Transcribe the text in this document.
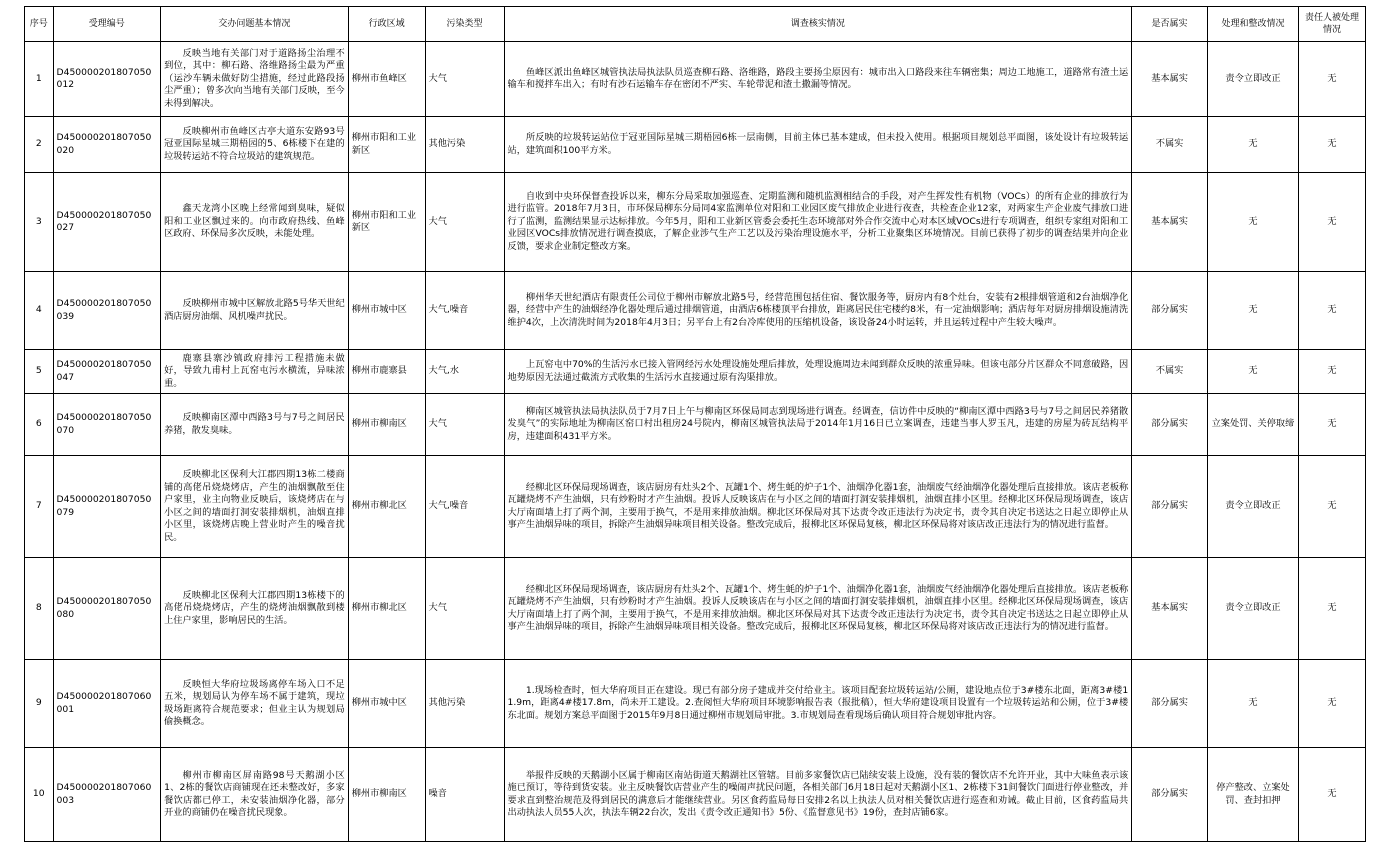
序号	受理编号	交办问题基本情况	行政区域	污染类型	调查核实情况	是否属实	处理和整改情况	责任人被处理情况
1	D450000201807050012	反映当地有关部门对于道路扬尘治理不到位，其中：柳石路、洛维路扬尘最为严重（运沙车辆未做好防尘措施，经过此路段扬尘严重）；曾多次向当地有关部门反映，至今未得到解决。	柳州市鱼峰区	大气	鱼峰区派出鱼峰区城管执法局执法队员巡查柳石路、洛维路，路段主要扬尘原因有：城市出入口路段来往车辆密集；周边工地施工，道路常有渣土运输车和搅拌车出入；有时有沙石运输车存在密闭不严实、车轮带泥和渣土撒漏等情况。	基本属实	责令立即改正	无
2	D450000201807050020	反映柳州市鱼峰区古亭大道东安路93号冠亚国际星城三期梧园的5、6栋楼下在建的垃圾转运站不符合垃圾站的建筑规范。	柳州市阳和工业新区	其他污染	所反映的垃圾转运站位于冠亚国际星城三期梧园6栋一层南侧，目前主体已基本建成，但未投入使用。根据项目规划总平面图，该处设计有垃圾转运站，建筑面积100平方米。	不属实	无	无
3	D450000201807050027	鑫天龙湾小区晚上经常闻到臭味，疑似阳和工业区飘过来的。向市政府热线、鱼峰区政府、环保局多次反映，未能处理。	柳州市阳和工业新区	大气	自收到中央环保督查投诉以来，柳东分局采取加强巡查、定期监测和随机监测相结合的手段，对产生挥发性有机物（VOCs）的所有企业的排放行为进行监管。2018年7月3日，市环保局柳东分局同4家监测单位对阳和工业园区废气排放企业进行夜查，共检查企业12家，对两家生产企业废气排放口进行了监测，监测结果显示达标排放。今年5月，阳和工业新区管委会委托生态环境部对外合作交流中心对本区域VOCs进行专项调查，组织专家组对阳和工业园区VOCs排放情况进行调查摸底，了解企业涉气生产工艺以及污染治理设施水平，分析工业聚集区环境情况。目前已获得了初步的调查结果并向企业反馈，要求企业制定整改方案。	基本属实	无	无
4	D450000201807050039	反映柳州市城中区解放北路5号华天世纪酒店厨房油烟、风机噪声扰民。	柳州市城中区	大气,噪音	柳州华天世纪酒店有限责任公司位于柳州市解放北路5号，经营范围包括住宿、餐饮服务等，厨房内有8个灶台，安装有2根排烟管道和2台油烟净化器，经营中产生的油烟经净化器处理后通过排烟管道，由酒店6栋楼顶平台排放，距离居民住宅楼约8米，有一定油烟影响；酒店每年对厨房排烟设施清洗维护4次，上次清洗时间为2018年4月3日；另平台上有2台冷库使用的压缩机设备，该设备24小时运转，并且运转过程中产生较大噪声。	部分属实	无	无
5	D450000201807050047	鹿寨县寨沙镇政府排污工程措施未做好，导致九甫村上瓦窑屯污水横流，异味浓重。	柳州市鹿寨县	大气,水	上瓦窑屯中70%的生活污水已接入管网经污水处理设施处理后排放，处理设施周边未闻到群众反映的浓重异味。但该屯部分片区群众不同意破路，因地势原因无法通过截流方式收集的生活污水直接通过原有沟渠排放。	不属实	无	无
6	D450000201807050070	反映柳南区潭中西路3号与7号之间居民养猪，散发臭味。	柳州市柳南区	大气	柳南区城管执法局执法队员于7月7日上午与柳南区环保局同志到现场进行调查。经调查，信访件中反映的“柳南区潭中西路3号与7号之间居民养猪散发臭气”的实际地址为柳南区窑口村出租房24号院内，柳南区城管执法局于2014年1月16日已立案调查，违建当事人罗玉凡，违建的房屋为砖瓦结构平房，违建面积431平方米。	部分属实	立案处罚、关停取缔	无
7	D450000201807050079	反映柳北区保利大江郡四期13栋二楼商铺的高佬吊烧烧烤店，产生的油烟飘散至住户家里，业主向物业反映后，该烧烤店在与小区之间的墙面打洞安装排烟机，油烟直排小区里，该烧烤店晚上营业时产生的噪音扰民。	柳州市柳北区	大气,噪音	经柳北区环保局现场调查，该店厨房有灶头2个、瓦罐1个、烤生蚝的炉子1个、油烟净化器1套，油烟废气经油烟净化器处理后直接排放。该店老板称瓦罐烧烤不产生油烟，只有炒粉时才产生油烟。投诉人反映该店在与小区之间的墙面打洞安装排烟机，油烟直排小区里。经柳北区环保局现场调查，该店大厅南面墙上打了两个洞，主要用于换气，不是用来排放油烟。柳北区环保局对其下达责令改正违法行为决定书，责令其自决定书送达之日起立即停止从事产生油烟异味的项目，拆除产生油烟异味项目相关设备。整改完成后，报柳北区环保局复核，柳北区环保局将对该店改正违法行为的情况进行监督。	部分属实	责令立即改正	无
8	D450000201807050080	反映柳北区保利大江郡四期13栋楼下的高佬吊烧烧烤店，产生的烧烤油烟飘散到楼上住户家里，影响居民的生活。	柳州市柳北区	大气	经柳北区环保局现场调查，该店厨房有灶头2个、瓦罐1个、烤生蚝的炉子1个、油烟净化器1套，油烟废气经油烟净化器处理后直接排放。该店老板称瓦罐烧烤不产生油烟，只有炒粉时才产生油烟。投诉人反映该店在与小区之间的墙面打洞安装排烟机，油烟直排小区里。经柳北区环保局现场调查，该店大厅南面墙上打了两个洞，主要用于换气，不是用来排放油烟。柳北区环保局对其下达责令改正违法行为决定书，责令其自决定书送达之日起立即停止从事产生油烟异味的项目，拆除产生油烟异味项目相关设备。整改完成后，报柳北区环保局复核，柳北区环保局将对该店改正违法行为的情况进行监督。	基本属实	责令立即改正	无
9	D450000201807060001	反映恒大华府垃圾场离停车场入口不足五米，规划局认为停车场不属于建筑，现垃圾场距离符合规范要求；但业主认为规划局偷换概念。	柳州市城中区	其他污染	1.现场检查时，恒大华府项目正在建设。现已有部分房子建成并交付给业主。该项目配套垃圾转运站/公厕，建设地点位于3#楼东北面，距离3#楼11.9m，距离4#楼17.8m，尚未开工建设。2.查阅恒大华府项目环境影响报告表（报批稿），恒大华府建设项目设置有一个垃圾转运站和公厕，位于3#楼东北面。规划方案总平面图于2015年9月8日通过柳州市规划局审批。3.市规划局查看现场后确认项目符合规划审批内容。	部分属实	无	无
10	D450000201807060003	柳州市柳南区屏南路98号天鹅湖小区1、2栋的餐饮店商铺现在还未整改好，多家餐饮店都已停工，未安装油烟净化器，部分开业的商铺仍在噪音扰民现象。	柳州市柳南区	噪音	举报件反映的天鹅湖小区属于柳南区南站街道天鹅湖社区管辖。目前多家餐饮店已陆续安装上设施，没有装的餐饮店不允许开业，其中大味鱼表示该施已预订，等待到货安装。业主反映餐饮店营业产生的噪闹声扰民问题，各相关部门6月18日起对天鹅湖小区1、2栋楼下31间餐饮门面进行停业整改，并要求直到整治规范及得到居民的满意后才能继续营业。另区食药监局每日安排2名以上执法人员对相关餐饮店进行巡查和劝诫。截止目前，区食药监局共出动执法人员55人次，执法车辆22台次，发出《责令改正通知书》5份、《监督意见书》19份，查封店铺6家。	部分属实	停产整改、立案处罚、查封扣押	无
